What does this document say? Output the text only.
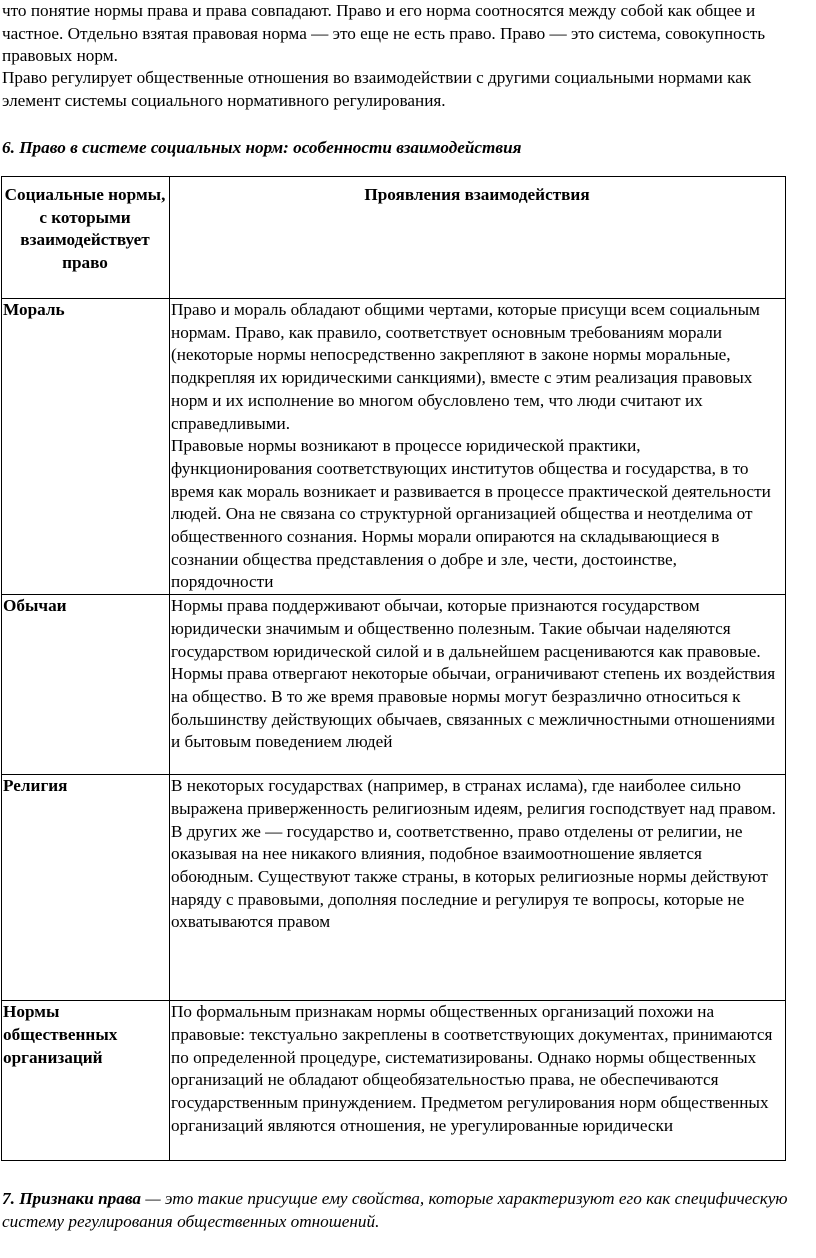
что понятие нормы права и права совпадают. Право и его норма соотносятся между собой как общее и частное. Отдельно взятая правовая норма — это еще не есть право. Право — это система, совокупность правовых норм.

Право регулирует общественные отношения во взаимодействии с другими социальными нормами как элемент системы социального нормативного регулирования.

6. Право в системе социальных норм: особенности взаимодействия

Социальные нормы, с которыми взаимодействует право	Проявления взаимодействия
Мораль	Право и мораль обладают общими чертами, которые присущи всем социальным нормам. Право, как правило, соответствует основным требованиям морали (некоторые нормы непосредственно закрепляют в законе нормы моральные, подкрепляя их юридическими санкциями), вместе с этим реализация правовых норм и их исполнение во многом обусловлено тем, что люди считают их справедливыми.
Правовые нормы возникают в процессе юридической практики, функционирования соответствующих институтов общества и государства, в то время как мораль возникает и развивается в процессе практической деятельности людей. Она не связана со структурной организацией общества и неотделима от общественного сознания. Нормы морали опираются на складывающиеся в сознании общества представления о добре и зле, чести, достоинстве, порядочности

Обычаи	Нормы права поддерживают обычаи, которые признаются государством юридически значимым и общественно полезным. Такие обычаи наделяются государством юридической силой и в дальнейшем расцениваются как правовые. Нормы права отвергают некоторые обычаи, ограничивают степень их воздействия на общество. В то же время правовые нормы могут безразлично относиться к большинству действующих обычаев, связанных с межличностными отношениями и бытовым поведением людей
Религия	В некоторых государствах (например, в странах ислама), где наиболее сильно выражена приверженность религиозным идеям, религия господствует над правом. В других же — государство и, соответственно, право отделены от религии, не оказывая на нее никакого влияния, подобное взаимоотношение является обоюдным. Существуют также страны, в которых религиозные нормы действуют наряду с правовыми, дополняя последние и регулируя те вопросы, которые не охватываются правом
Нормы общественных организаций	По формальным признакам нормы общественных организаций похожи на правовые: текстуально закреплены в соответствующих документах, принимаются по определенной процедуре, систематизированы. Однако нормы общественных организаций не обладают общеобязательностью права, не обеспечиваются государственным принуждением. Предметом регулирования норм общественных организаций являются отношения, не урегулированные юридически

7. Признаки права — это такие присущие ему свойства, которые характеризуют его как специфическую систему регулирования общественных отношений.
